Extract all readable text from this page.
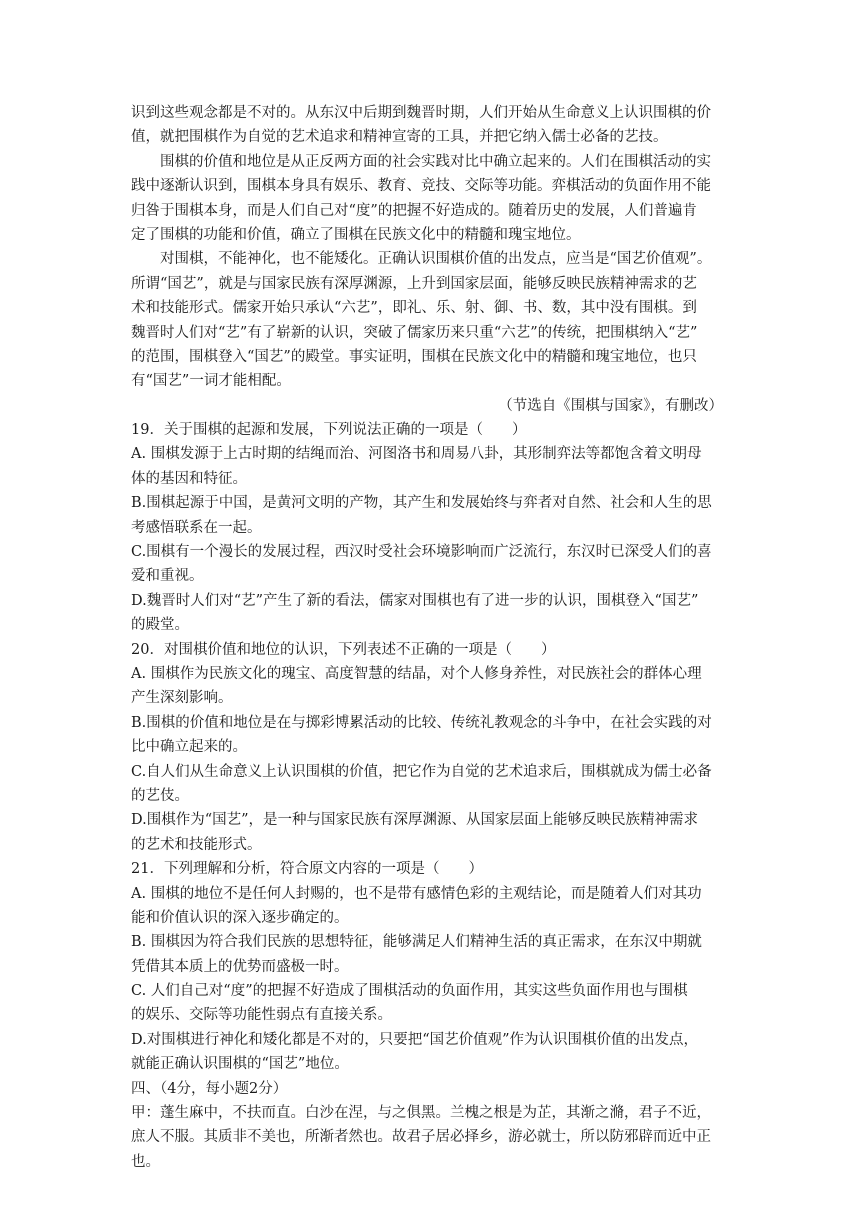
识到这些观念都是不对的。从东汉中后期到魏晋时期，人们开始从生命意义上认识围棋的价
值，就把围棋作为自觉的艺术追求和精神宣寄的工具，并把它纳入儒士必备的艺技。
　　围棋的价值和地位是从正反两方面的社会实践对比中确立起来的。人们在围棋活动的实
践中逐渐认识到，围棋本身具有娱乐、教育、竞技、交际等功能。弈棋活动的负面作用不能
归咎于围棋本身，而是人们自己对“度”的把握不好造成的。随着历史的发展，人们普遍肯
定了围棋的功能和价值，确立了围棋在民族文化中的精髓和瑰宝地位。
　　对围棋，不能神化，也不能矮化。正确认识围棋价值的出发点，应当是“国艺价值观”。
所谓“国艺”，就是与国家民族有深厚渊源，上升到国家层面，能够反映民族精神需求的艺
术和技能形式。儒家开始只承认“六艺”，即礼、乐、射、御、书、数，其中没有围棋。到
魏晋时人们对“艺”有了崭新的认识，突破了儒家历来只重“六艺”的传统，把围棋纳入“艺”
的范围，围棋登入“国艺”的殿堂。事实证明，围棋在民族文化中的精髓和瑰宝地位，也只
有“国艺”一词才能相配。
（节选自《围棋与国家》，有删改）
19．关于围棋的起源和发展，下列说法正确的一项是（　　）
A. 围棋发源于上古时期的结绳而治、河图洛书和周易八卦，其形制弈法等都饱含着文明母
体的基因和特征。
B.围棋起源于中国，是黄河文明的产物，其产生和发展始终与弈者对自然、社会和人生的思
考感悟联系在一起。
C.围棋有一个漫长的发展过程，西汉时受社会环境影响而广泛流行，东汉时已深受人们的喜
爱和重视。
D.魏晋时人们对“艺”产生了新的看法，儒家对围棋也有了进一步的认识，围棋登入“国艺”
的殿堂。
20．对围棋价值和地位的认识，下列表述不正确的一项是（　　）
A. 围棋作为民族文化的瑰宝、高度智慧的结晶，对个人修身养性，对民族社会的群体心理
产生深刻影响。
B.围棋的价值和地位是在与掷彩博累活动的比较、传统礼教观念的斗争中，在社会实践的对
比中确立起来的。
C.自人们从生命意义上认识围棋的价值，把它作为自觉的艺术追求后，围棋就成为儒士必备
的艺伎。
D.围棋作为“国艺”，是一种与国家民族有深厚渊源、从国家层面上能够反映民族精神需求
的艺术和技能形式。
21．下列理解和分析，符合原文内容的一项是（　　）
A. 围棋的地位不是任何人封赐的，也不是带有感情色彩的主观结论，而是随着人们对其功
能和价值认识的深入逐步确定的。
B. 围棋因为符合我们民族的思想特征，能够满足人们精神生活的真正需求，在东汉中期就
凭借其本质上的优势而盛极一时。
C. 人们自己对“度”的把握不好造成了围棋活动的负面作用，其实这些负面作用也与围棋
的娱乐、交际等功能性弱点有直接关系。
D.对围棋进行神化和矮化都是不对的，只要把“国艺价值观”作为认识围棋价值的出发点，
就能正确认识围棋的“国艺”地位。
四、（4分，每小题2分）
甲：蓬生麻中，不扶而直。白沙在涅，与之俱黑。兰槐之根是为芷，其渐之滫，君子不近，
庶人不服。其质非不美也，所渐者然也。故君子居必择乡，游必就士，所以防邪辟而近中正
也。
